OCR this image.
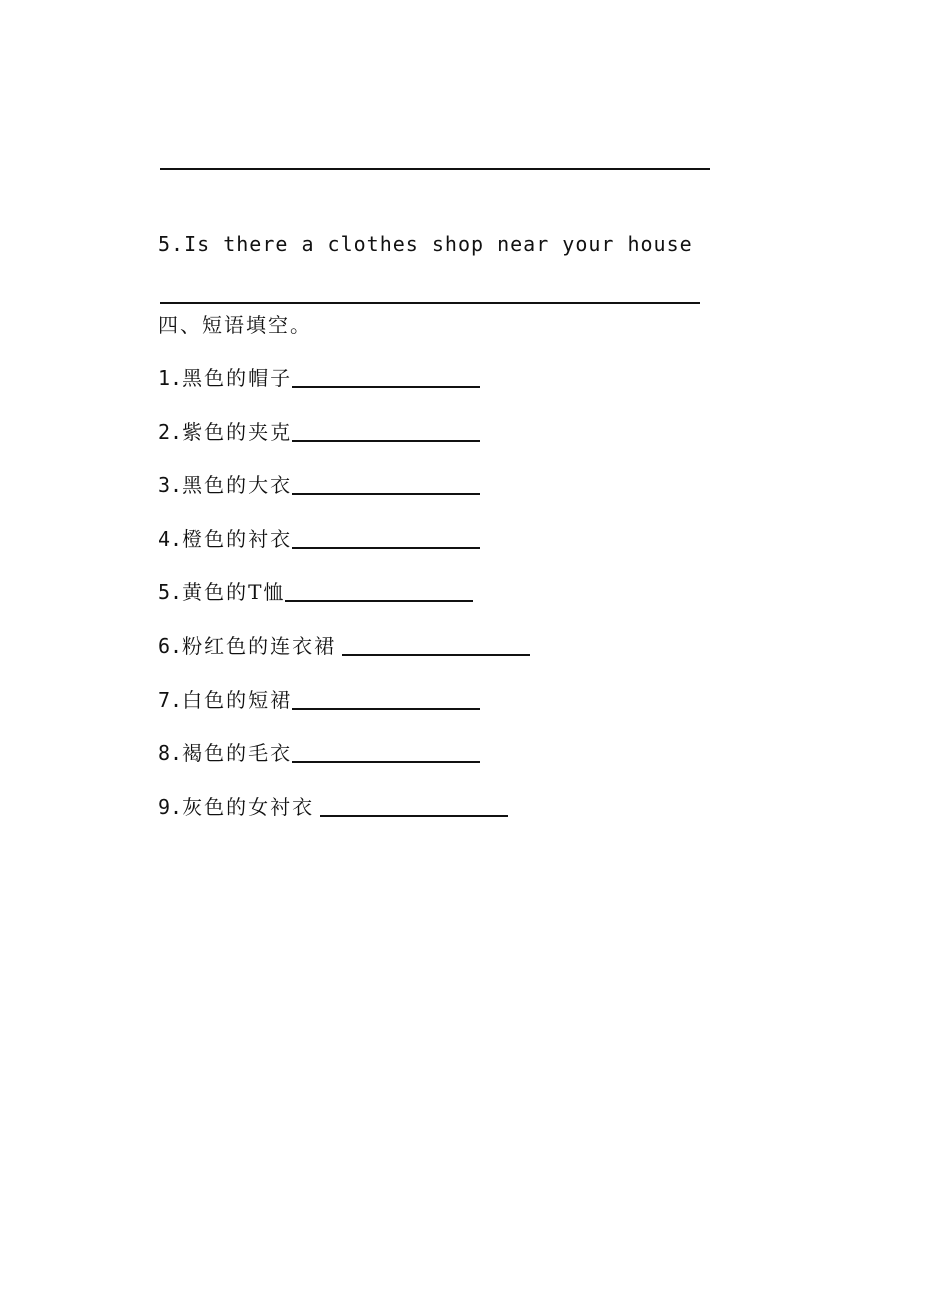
5.Is there a clothes shop near your house
四、短语填空。
1. 黑色的帽子
2. 紫色的夹克
3. 黑色的大衣
4. 橙色的衬衣
5. 黄色的T恤
6. 粉红色的连衣裙
7. 白色的短裙
8. 褐色的毛衣
9. 灰色的女衬衣
